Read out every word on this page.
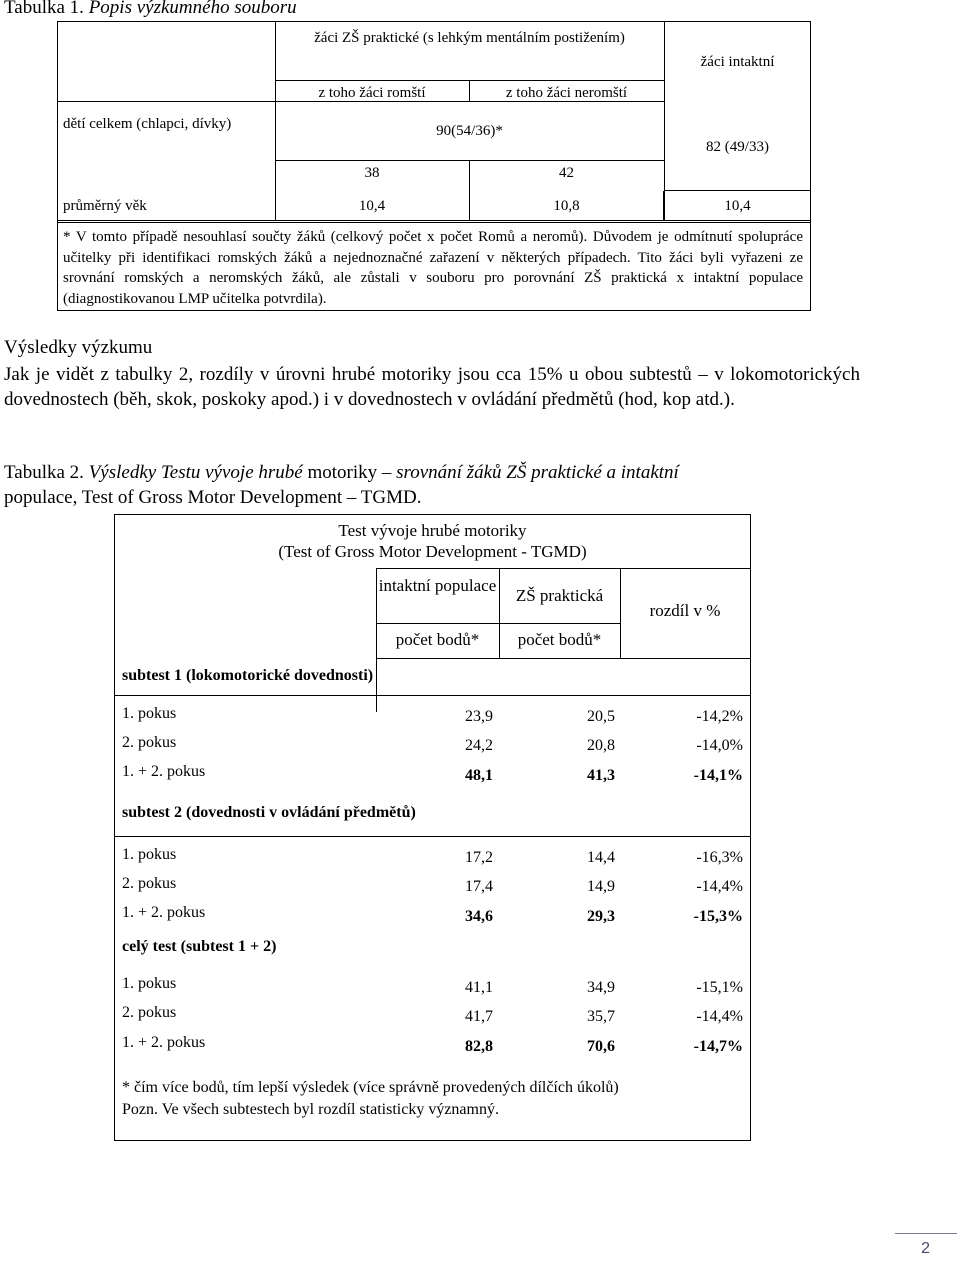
Tabulka 1. Popis výzkumného souboru
žáci ZŠ praktické (s lehkým mentálním postižením)
žáci intaktní
z toho žáci romští	z toho žáci neromští
dětí celkem (chlapci, dívky)	90(54/36)*
82 (49/33)
38	42
průměrný věk	10,4	10,8	10,4
* V tomto případě nesouhlasí součty žáků (celkový počet x počet Romů a neromů). Důvodem je odmítnutí spolupráce učitelky při identifikaci romských žáků a nejednoznačné zařazení v některých případech. Tito žáci byli vyřazeni ze srovnání romských a neromských žáků, ale zůstali v souboru pro porovnání ZŠ praktická x intaktní populace (diagnostikovanou LMP učitelka potvrdila).
Výsledky výzkumu
Jak je vidět z tabulky 2, rozdíly v úrovni hrubé motoriky jsou cca 15% u obou subtestů – v lokomotorických dovednostech (běh, skok, poskoky apod.) i v dovednostech v ovládání předmětů (hod, kop atd.).
Tabulka 2. Výsledky Testu vývoje hrubé motoriky – srovnání žáků ZŠ praktické a intaktní
populace, Test of Gross Motor Development – TGMD.
Test vývoje hrubé motoriky
(Test of Gross Motor Development - TGMD)
intaktní populace
ZŠ praktická
rozdíl v %
počet bodů*	počet bodů*
subtest 1 (lokomotorické dovednosti)
1. pokus	23,9	20,5	-14,2%
2. pokus	24,2	20,8	-14,0%
1. + 2. pokus	48,1	41,3	-14,1%
subtest 2 (dovednosti v ovládání předmětů)
1. pokus	17,2	14,4	-16,3%
2. pokus	17,4	14,9	-14,4%
1. + 2. pokus	34,6	29,3	-15,3%
celý test (subtest 1 + 2)
1. pokus	41,1	34,9	-15,1%
2. pokus	41,7	35,7	-14,4%
1. + 2. pokus	82,8	70,6	-14,7%
* čím více bodů, tím lepší výsledek (více správně provedených dílčích úkolů)
Pozn. Ve všech subtestech byl rozdíl statisticky významný.
2
